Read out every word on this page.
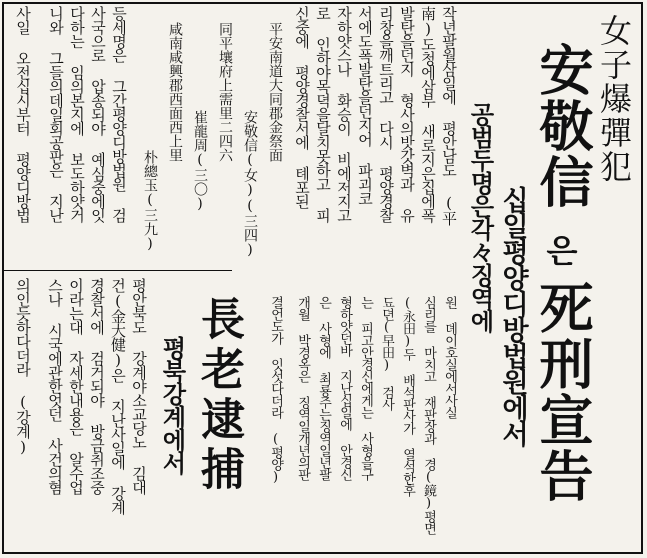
女子爆彈犯
安敬信
은
死刑宣告
십일평양디방법원에서
공범두명은각々징역에
작년팔월삼일에 평안남도 (平
南)도청에삼부 새로지은집에폭
발탄을던지 형사의밧갓벽과 유
리창을깨트리고 다시 평양경찰
서에도폭발탄을던지어 파괴코
자하얏스나 화승이 비에저지고
로 인하야목뎍을달치못하고 피
신중에 평양경찰서에 톄포된
平安南道大同郡金祭面
安敬信(女)(三四)
同平壤府上需里二四六
崔龍周(三〇)
咸南咸興郡西面西上里
朴總玉(三九)
등세명은 그간평양디방법원 검
사국으로 압송되야 예심중에잇
다하는 임의본지에 보도하얏거
니와 그들의데일회공판은 지난
사일 오전십시부터 평양디방법
원 뎨이호실에서사실
심리를 마치고 재판장과 경(鏡)평면
(永田)두 배석판사가 열석한후
됴뎐(早田) 검사
는 피고안경신에게는 사형을구
형하얏던바 지난십일에 안경신
은 사형에 최룡주는징역일년팔
개월 박경옥은 징역일개년의판
결언도가 잇섯다더라 (평양)
長老逮捕
평북강계에서
평안북도 강계야소교당노 김대
건(金大健)은 지난사일에 강계
경찰서에 검거되야 방금취조중
이라는대 자세한내용은 알수업
스나 시국에관한엇던 사건의혐
의인듯하다더라 (강계)
